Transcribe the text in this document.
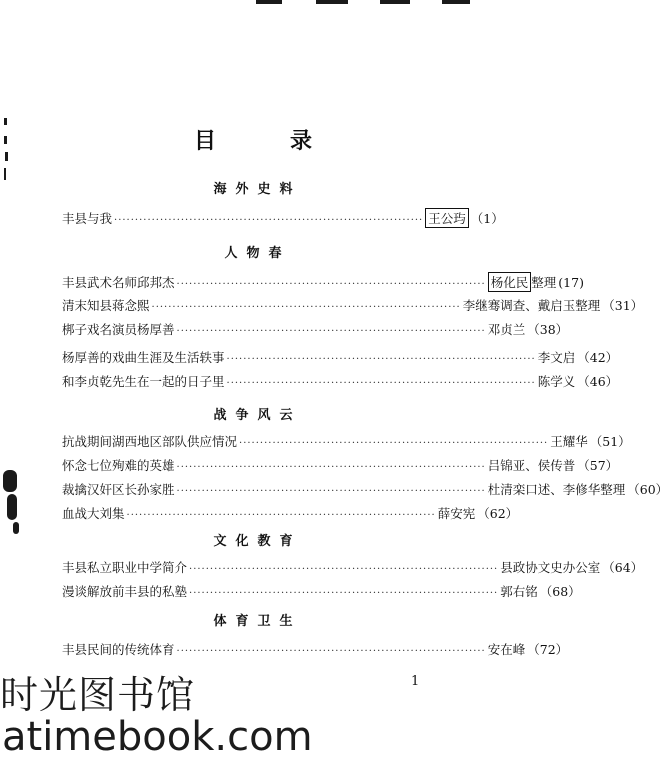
目　录
海外史料
丰县与我 ·········································································· 王公玙 （1）
人物春
丰县武术名师邱邦杰 ·········································································· 杨化民 整理 (17)
清末知县蒋念熙 ·········································································· 李继骞调查、戴启玉整理 （31）
梆子戏名演员杨厚善 ·········································································· 邓贞兰 （38）
杨厚善的戏曲生涯及生活轶事 ·········································································· 李文启 （42）
和李贞乾先生在一起的日子里 ·········································································· 陈学义 （46）
战争风云
抗战期间湖西地区部队供应情况 ·········································································· 王耀华 （51）
怀念七位殉难的英雄 ·········································································· 吕锦亚、侯传普 （57）
裁擒汉奸区长孙家胜 ·········································································· 杜清栾口述、李修华整理 （60）
血战大刘集 ·········································································· 薛安宪 （62）
文化教育
丰县私立职业中学简介 ·········································································· 县政协文史办公室 （64）
漫谈解放前丰县的私塾 ·········································································· 郭右铭 （68）
体育卫生
丰县民间的传统体育 ·········································································· 安在峰 （72）
1
时光图书馆
atimebook.com
